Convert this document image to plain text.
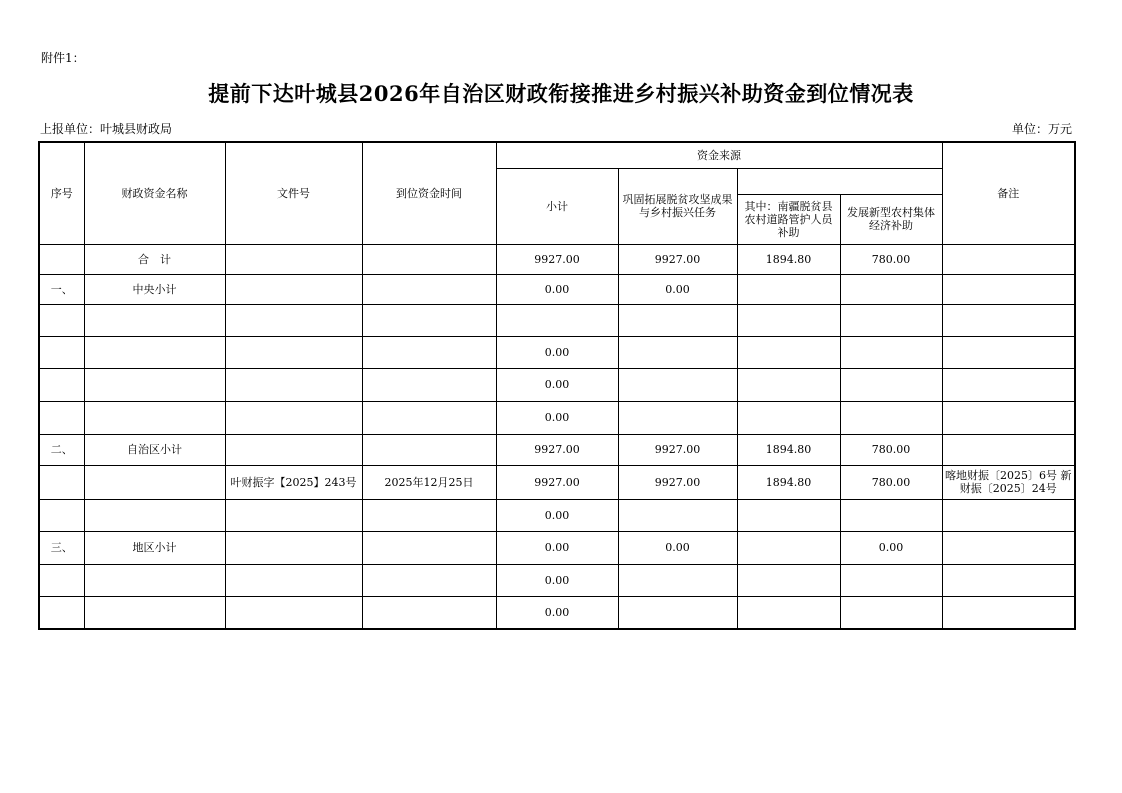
附件1：
提前下达叶城县2026年自治区财政衔接推进乡村振兴补助资金到位情况表
上报单位：叶城县财政局	单位：万元
序号	财政资金名称	文件号	到位资金时间	资金来源				备注
				小计	巩固拓展脱贫攻坚成果与乡村振兴任务			
						其中：南疆脱贫县农村道路管护人员补助	发展新型农村集体经济补助	
	合　计			9927.00	9927.00	1894.80	780.00	
一、	中央小计			0.00	0.00			

				0.00				
				0.00				
				0.00				
二、	自治区小计			9927.00	9927.00	1894.80	780.00	
		叶财振字【2025】243号	2025年12月25日	9927.00	9927.00	1894.80	780.00	喀地财振〔2025〕6号 新财振〔2025〕24号
				0.00				
三、	地区小计			0.00	0.00		0.00	
				0.00				
				0.00				
